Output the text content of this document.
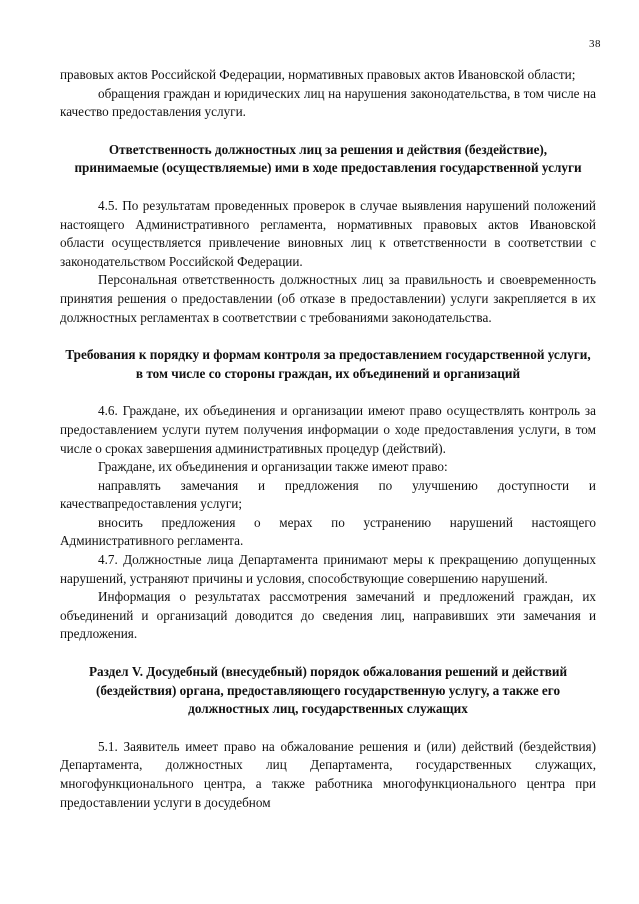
38

правовых актов Российской Федерации, нормативных правовых актов Ивановской области;

обращения граждан и юридических лиц на нарушения законодательства, в том числе на качество предоставления услуги.

Ответственность должностных лиц за решения и действия (бездействие), принимаемые (осуществляемые) ими в ходе предоставления государственной услуги

4.5. По результатам проведенных проверок в случае выявления нарушений положений настоящего Административного регламента, нормативных правовых актов Ивановской области осуществляется привлечение виновных лиц к ответственности в соответствии с законодательством Российской Федерации.

Персональная ответственность должностных лиц за правильность и своевременность принятия решения о предоставлении (об отказе в предоставлении) услуги закрепляется в их должностных регламентах в соответствии с требованиями законодательства.

Требования к порядку и формам контроля за предоставлением государственной услуги, в том числе со стороны граждан, их объединений и организаций

4.6. Граждане, их объединения и организации имеют право осуществлять контроль за предоставлением услуги путем получения информации о ходе предоставления услуги, в том числе о сроках завершения административных процедур (действий).

Граждане, их объединения и организации также имеют право:

направлять замечания и предложения по улучшению доступности и качествапредоставления услуги;

вносить предложения о мерах по устранению нарушений настоящего Административного регламента.

4.7. Должностные лица Департамента принимают меры к прекращению допущенных нарушений, устраняют причины и условия, способствующие совершению нарушений.

Информация о результатах рассмотрения замечаний и предложений граждан, их объединений и организаций доводится до сведения лиц, направивших эти замечания и предложения.

Раздел V. Досудебный (внесудебный) порядок обжалования решений и действий (бездействия) органа, предоставляющего государственную услугу, а также его должностных лиц, государственных служащих

5.1. Заявитель имеет право на обжалование решения и (или) действий (бездействия) Департамента, должностных лиц Департамента, государственных служащих, многофункционального центра, а также работника многофункционального центра при предоставлении услуги в досудебном
